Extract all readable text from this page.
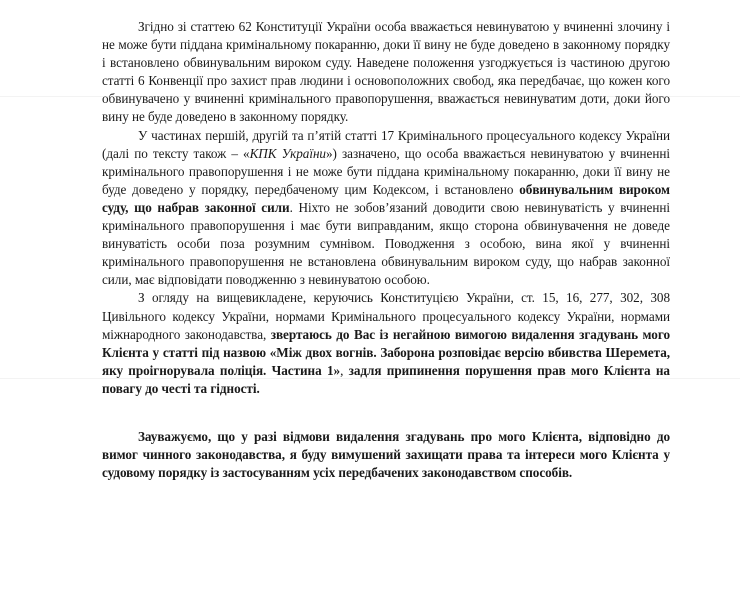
Згідно зі статтею 62 Конституції України особа вважається невинуватою у вчиненні злочину і не може бути піддана кримінальному покаранню, доки її вину не буде доведено в законному порядку і встановлено обвинувальним вироком суду. Наведене положення узгоджується із частиною другою статті 6 Конвенції про захист прав людини і основоположних свобод, яка передбачає, що кожен кого обвинувачено у вчиненні кримінального правопорушення, вважається невинуватим доти, доки його вину не буде доведено в законному порядку.

У частинах першій, другій та п’ятій статті 17 Кримінального процесуального кодексу України (далі по тексту також – «КПК України») зазначено, що особа вважається невинуватою у вчиненні кримінального правопорушення і не може бути піддана кримінальному покаранню, доки її вину не буде доведено у порядку, передбаченому цим Кодексом, і встановлено обвинувальним вироком суду, що набрав законної сили. Ніхто не зобов’язаний доводити свою невинуватість у вчиненні кримінального правопорушення і має бути виправданим, якщо сторона обвинувачення не доведе винуватість особи поза розумним сумнівом. Поводження з особою, вина якої у вчиненні кримінального правопорушення не встановлена обвинувальним вироком суду, що набрав законної сили, має відповідати поводженню з невинуватою особою.

З огляду на вищевикладене, керуючись Конституцією України, ст. 15, 16, 277, 302, 308 Цивільного кодексу України, нормами Кримінального процесуального кодексу України, нормами міжнародного законодавства, звертаюсь до Вас із негайною вимогою видалення згадувань мого Клієнта у статті під назвою «Між двох вогнів. Заборона розповідає версію вбивства Шеремета, яку проігнорувала поліція. Частина 1», задля припинення порушення прав мого Клієнта на повагу до честі та гідності.

Зауважуємо, що у разі відмови видалення згадувань про мого Клієнта, відповідно до вимог чинного законодавства, я буду вимушений захищати права та інтереси мого Клієнта у судовому порядку із застосуванням усіх передбачених законодавством способів.
